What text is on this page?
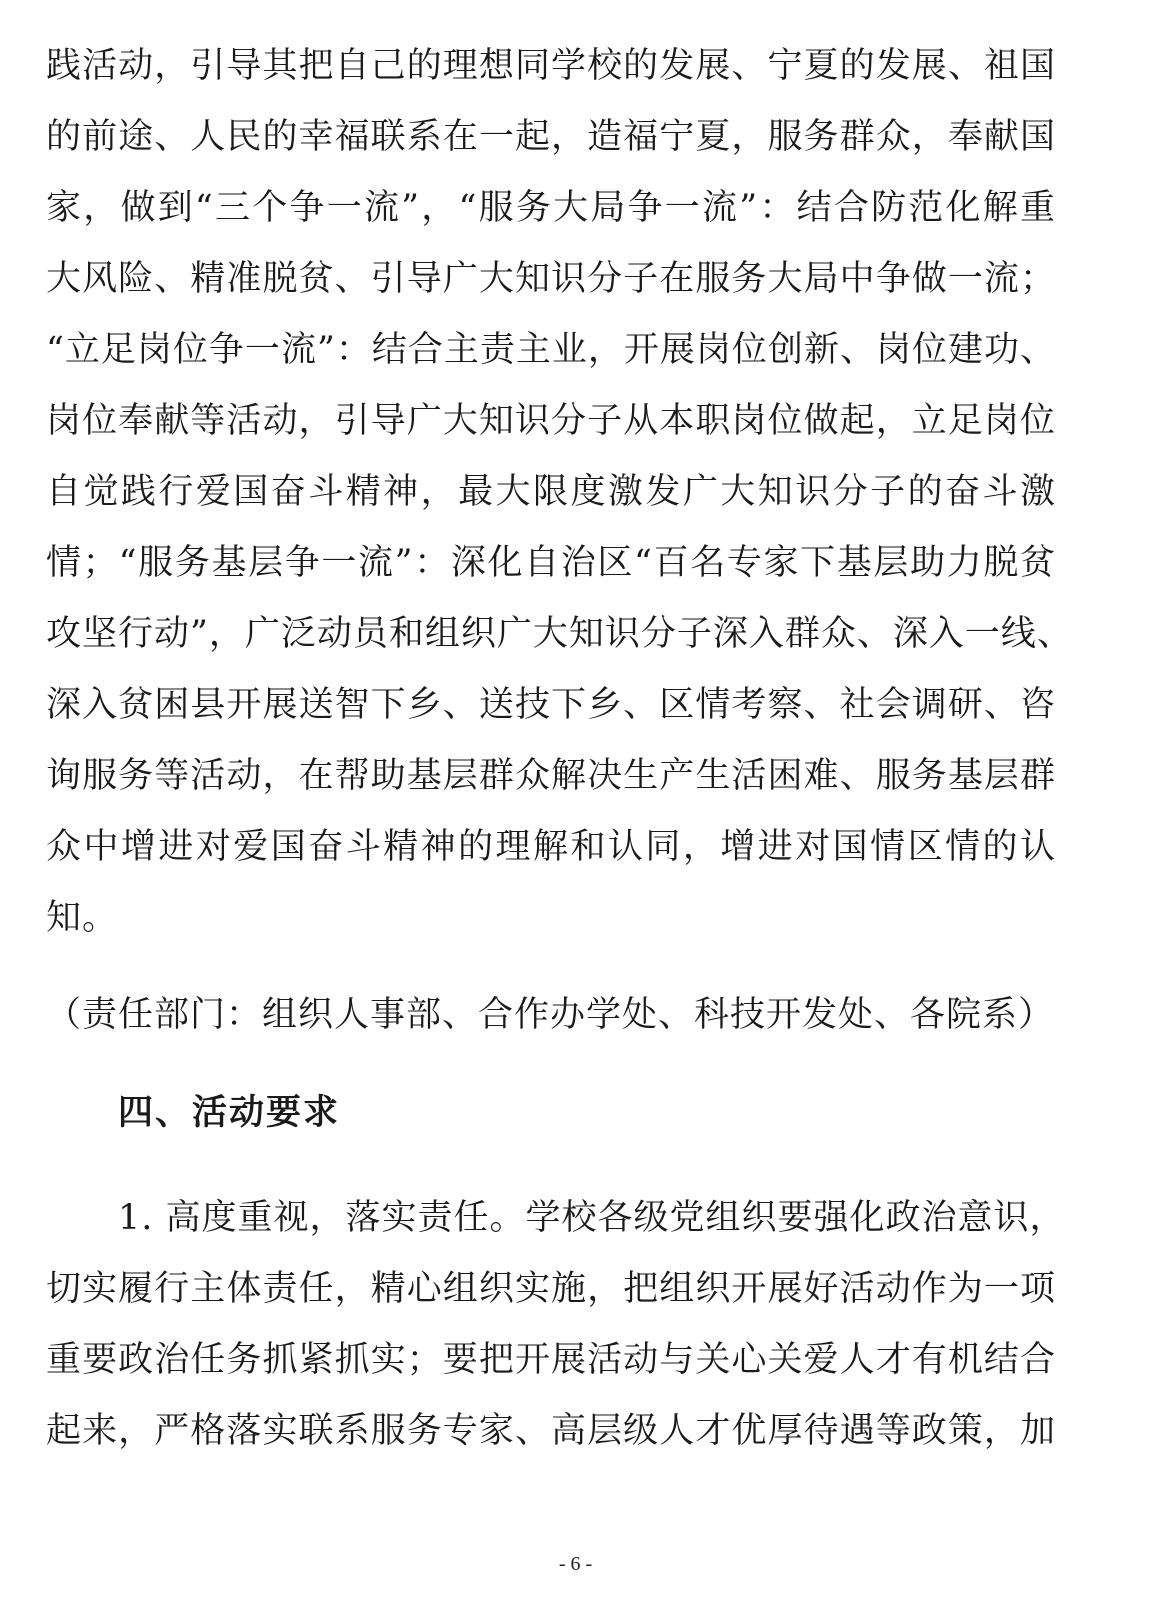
践活动，引导其把自己的理想同学校的发展、宁夏的发展、祖国
的前途、人民的幸福联系在一起，造福宁夏，服务群众，奉献国
家，做到“三个争一流”，“服务大局争一流”：结合防范化解重
大风险、精准脱贫、引导广大知识分子在服务大局中争做一流；
“立足岗位争一流”：结合主责主业，开展岗位创新、岗位建功、
岗位奉献等活动，引导广大知识分子从本职岗位做起，立足岗位
自觉践行爱国奋斗精神，最大限度激发广大知识分子的奋斗激
情；“服务基层争一流”：深化自治区“百名专家下基层助力脱贫
攻坚行动”，广泛动员和组织广大知识分子深入群众、深入一线、
深入贫困县开展送智下乡、送技下乡、区情考察、社会调研、咨
询服务等活动，在帮助基层群众解决生产生活困难、服务基层群
众中增进对爱国奋斗精神的理解和认同，增进对国情区情的认
知。
（责任部门：组织人事部、合作办学处、科技开发处、各院系）
四、活动要求
1. 高度重视，落实责任。学校各级党组织要强化政治意识，
切实履行主体责任，精心组织实施，把组织开展好活动作为一项
重要政治任务抓紧抓实；要把开展活动与关心关爱人才有机结合
起来，严格落实联系服务专家、高层级人才优厚待遇等政策，加
- 6 -
